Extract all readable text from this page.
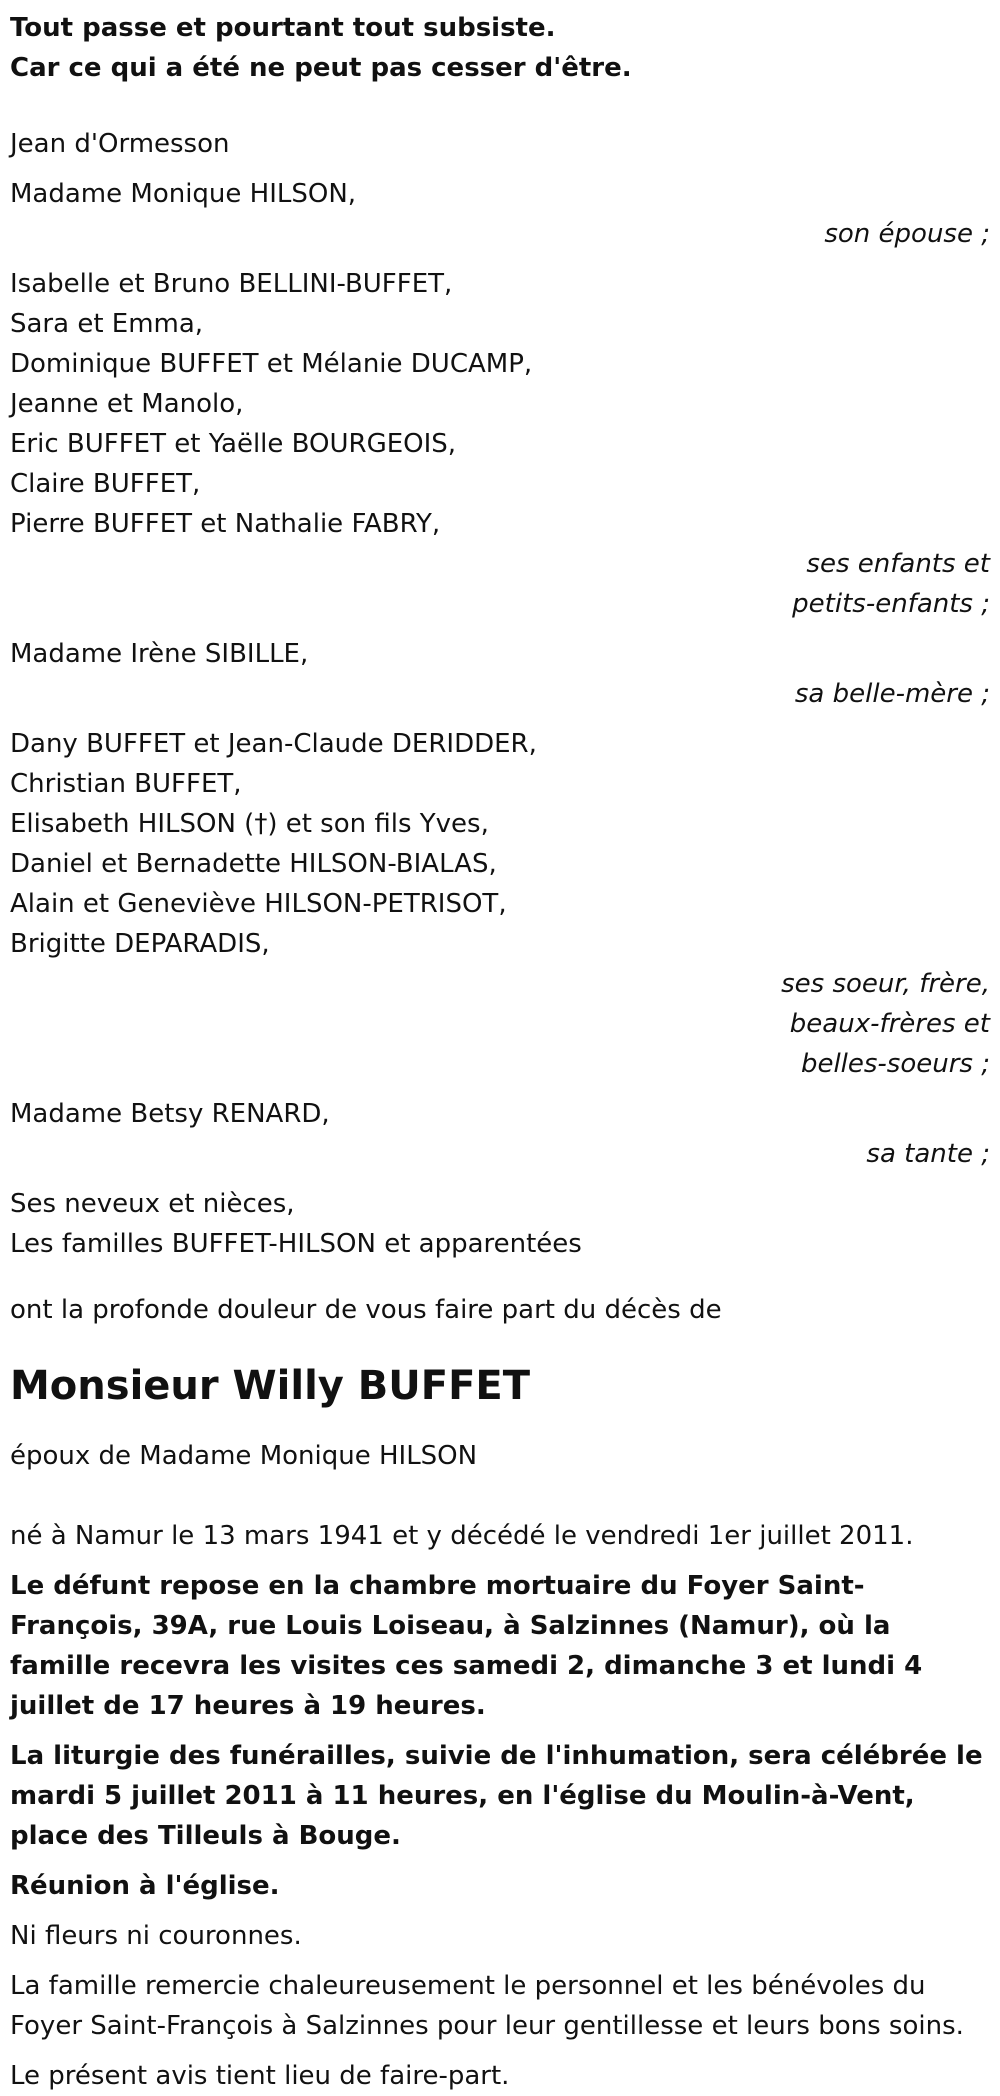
Tout passe et pourtant tout subsiste.

Car ce qui a été ne peut pas cesser d'être.

Jean d'Ormesson

Madame Monique HILSON,

son épouse ;

Isabelle et Bruno BELLINI-BUFFET,

Sara et Emma,

Dominique BUFFET et Mélanie DUCAMP,

Jeanne et Manolo,

Eric BUFFET et Yaëlle BOURGEOIS,

Claire BUFFET,

Pierre BUFFET et Nathalie FABRY,

ses enfants et
petits-enfants ;

Madame Irène SIBILLE,

sa belle-mère ;

Dany BUFFET et Jean-Claude DERIDDER,

Christian BUFFET,

Elisabeth HILSON (†) et son fils Yves,

Daniel et Bernadette HILSON-BIALAS,

Alain et Geneviève HILSON-PETRISOT,

Brigitte DEPARADIS,

ses soeur, frère,
beaux-frères et
belles-soeurs ;

Madame Betsy RENARD,

sa tante ;

Ses neveux et nièces,

Les familles BUFFET-HILSON et apparentées

ont la profonde douleur de vous faire part du décès de

Monsieur Willy BUFFET

époux de Madame Monique HILSON

né à Namur le 13 mars 1941 et y décédé le vendredi 1er juillet 2011.

Le défunt repose en la chambre mortuaire du Foyer Saint-François, 39A, rue Louis Loiseau, à Salzinnes (Namur), où la famille recevra les visites ces samedi 2, dimanche 3 et lundi 4 juillet de 17 heures à 19 heures.

La liturgie des funérailles, suivie de l'inhumation, sera célébrée le mardi 5 juillet 2011 à 11 heures, en l'église du Moulin-à-Vent, place des Tilleuls à Bouge.

Réunion à l'église.

Ni fleurs ni couronnes.

La famille remercie chaleureusement le personnel et les bénévoles du Foyer Saint-François à Salzinnes pour leur gentillesse et leurs bons soins.

Le présent avis tient lieu de faire-part.
